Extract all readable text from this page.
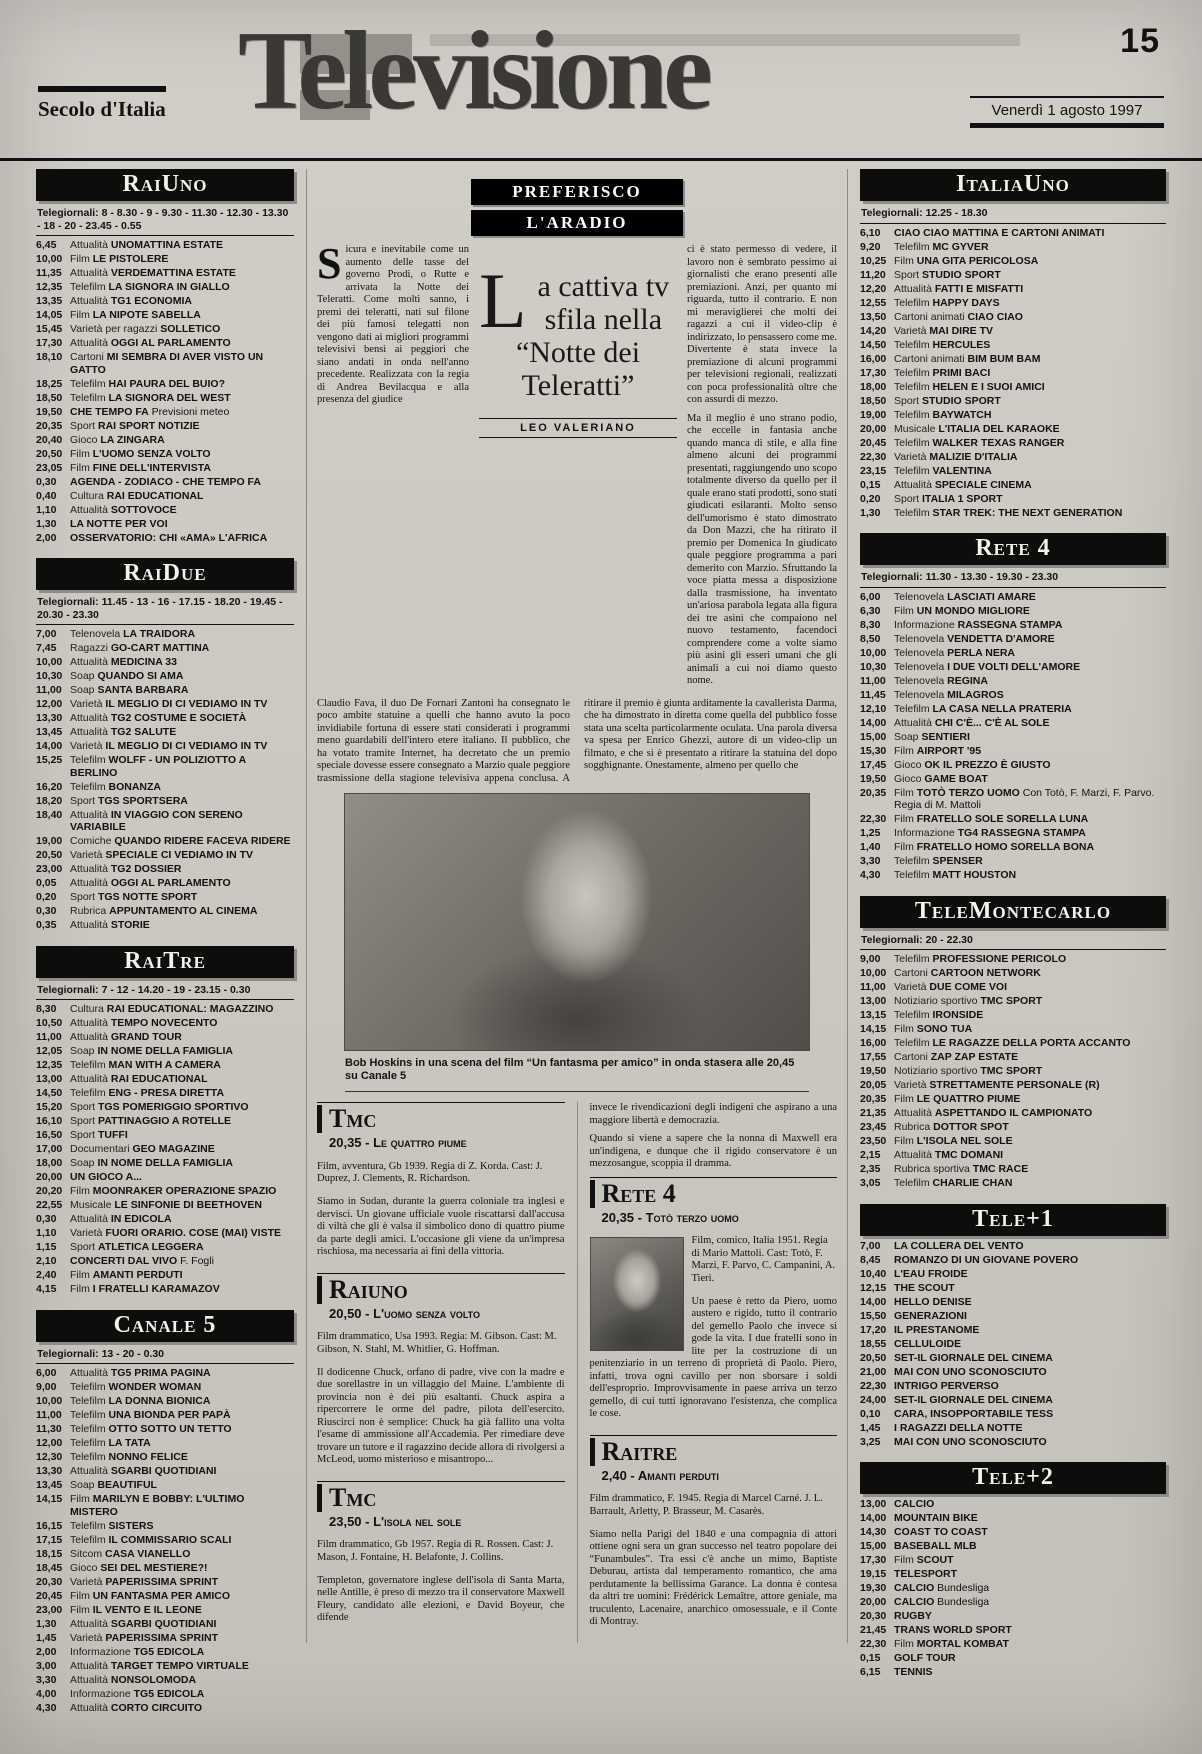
15
Secolo d'Italia Televisione	Venerdì 1 agosto 1997
RaiUno
Telegiornali: 8 - 8.30 - 9 - 9.30 - 11.30 - 12.30 - 13.30 - 18 - 20 - 23.45 - 0.55
6,45	Attualità UNOMATTINA ESTATE
10,00 Film LE PISTOLERE
11,35 Attualità VERDEMATTINA ESTATE
12,35 Telefilm LA SIGNORA IN GIALLO
13,35 Attualità TG1 ECONOMIA
14,05 Film LA NIPOTE SABELLA
15,45 Varietà per ragazzi SOLLETICO
17,30 Attualità OGGI AL PARLAMENTO
18,10 Cartoni MI SEMBRA DI AVER VISTO UN GATTO
18,25 Telefilm HAI PAURA DEL BUIO?
18,50 Telefilm LA SIGNORA DEL WEST
19,50 CHE TEMPO FA Previsioni meteo
20,35 Sport RAI SPORT NOTIZIE
20,40 Gioco LA ZINGARA
20,50 Film L'UOMO SENZA VOLTO
23,05 Film FINE DELL'INTERVISTA
0,30	AGENDA - ZODIACO - CHE TEMPO FA
0,40	Cultura RAI EDUCATIONAL
1,10	Attualità SOTTOVOCE
1,30	LA NOTTE PER VOI
2,00	OSSERVATORIO: CHI «AMA» L'AFRICA
RaiDue
Telegiornali: 11.45 - 13 - 16 - 17.15 - 18.20 - 19.45 - 20.30 - 23.30
7,00	Telenovela LA TRAIDORA
7,45	Ragazzi GO-CART MATTINA
10,00 Attualità MEDICINA 33
10,30 Soap QUANDO SI AMA
11,00 Soap SANTA BARBARA
12,00 Varietà IL MEGLIO DI CI VEDIAMO IN TV
13,30 Attualità TG2 COSTUME E SOCIETÀ
13,45 Attualità TG2 SALUTE
14,00 Varietà IL MEGLIO DI CI VEDIAMO IN TV
15,25 Telefilm WOLFF - UN POLIZIOTTO A BERLINO
16,20 Telefilm BONANZA
18,20 Sport TGS SPORTSERA
18,40 Attualità IN VIAGGIO CON SERENO VARIABILE
19,00 Comiche QUANDO RIDERE FACEVA RIDERE
20,50 Varietà SPECIALE CI VEDIAMO IN TV
23,00 Attualità TG2 DOSSIER
0,05	Attualità OGGI AL PARLAMENTO
0,20	Sport TGS NOTTE SPORT
0,30	Rubrica APPUNTAMENTO AL CINEMA
0,35	Attualità STORIE
RaiTre
Telegiornali: 7 - 12 - 14.20 - 19 - 23.15 - 0.30
8,30	Cultura RAI EDUCATIONAL: MAGAZZINO
10,50 Attualità TEMPO NOVECENTO
11,00 Attualità GRAND TOUR
12,05 Soap IN NOME DELLA FAMIGLIA
12,35 Telefilm MAN WITH A CAMERA
13,00 Attualità RAI EDUCATIONAL
14,50 Telefilm ENG - PRESA DIRETTA
15,20 Sport TGS POMERIGGIO SPORTIVO
16,10 Sport PATTINAGGIO A ROTELLE
16,50 Sport TUFFI
17,00 Documentari GEO MAGAZINE
18,00 Soap IN NOME DELLA FAMIGLIA
20,00 UN GIOCO A...
20,20 Film MOONRAKER OPERAZIONE SPAZIO
22,55 Musicale LE SINFONIE DI BEETHOVEN
0,30	Attualità IN EDICOLA
1,10	Varietà FUORI ORARIO. COSE (MAI) VISTE
1,15	Sport ATLETICA LEGGERA
2,10	CONCERTI DAL VIVO F. Fogli
2,40	Film AMANTI PERDUTI
4,15	Film I FRATELLI KARAMAZOV
Canale 5
Telegiornali: 13 - 20 - 0.30
6,00	Attualità TG5 PRIMA PAGINA
9,00	Telefilm WONDER WOMAN
10,00 Telefilm LA DONNA BIONICA
11,00 Telefilm UNA BIONDA PER PAPÀ
11,30 Telefilm OTTO SOTTO UN TETTO
12,00 Telefilm LA TATA
12,30 Telefilm NONNO FELICE
13,30 Attualità SGARBI QUOTIDIANI
13,45 Soap BEAUTIFUL
14,15 Film MARILYN E BOBBY: L'ULTIMO MISTERO
16,15 Telefilm SISTERS
17,15 Telefilm IL COMMISSARIO SCALI
18,15 Sitcom CASA VIANELLO
18,45 Gioco SEI DEL MESTIERE?!
20,30 Varietà PAPERISSIMA SPRINT
20,45 Film UN FANTASMA PER AMICO
23,00 Film IL VENTO E IL LEONE
1,30	Attualità SGARBI QUOTIDIANI
1,45	Varietà PAPERISSIMA SPRINT
2,00	Informazione TG5 EDICOLA
3,00	Attualità TARGET TEMPO VIRTUALE
3,30	Attualità NONSOLOMODA
4,00	Informazione TG5 EDICOLA
4,30	Attualità CORTO CIRCUITO
PREFERISCO
L'ARADIO

Sicura e inevitabile come un aumento delle tasse del governo Prodi, o Rutte e arrivata la Notte dei Teleratti. Come molti sanno, i premi dei teleratti, nati sul filone dei più famosi telegatti non vengono dati ai migliori programmi televisivi bensì ai peggiori che siano andati in onda nell'anno precedente. Realizzata con la regia di Andrea Bevilacqua e alla presenza del giudice

La cattiva tv sfila nella “Notte dei Teleratti”
LEO VALERIANO

ci è stato permesso di vedere, il lavoro non è sembrato pessimo ai giornalisti che erano presenti alle premiazioni. Anzi, per quanto mi riguarda, tutto il contrario. E non mi meraviglierei che molti dei ragazzi a cui il video-clip è indirizzato, lo pensassero come me. Divertente è stata invece la premiazione di alcuni programmi per televisioni regionali, realizzati con poca professionalità oltre che con assurdi di mezzo.

Ma il meglio è uno strano podio, che eccelle in fantasia anche quando manca di stile, e alla fine almeno alcuni dei programmi presentati, raggiungendo uno scopo totalmente diverso da quello per il quale erano stati prodotti, sono stati giudicati esilaranti. Molto senso dell'umorismo è stato dimostrato da Don Mazzi, che ha ritirato il premio per Domenica In giudicato quale peggiore programma a pari demerito con Marzio. Sfruttando la voce piatta messa a disposizione dalla trasmissione, ha inventato un'ariosa parabola legata alla figura dei tre asini che compaiono nel nuovo testamento, facendoci comprendere come a volte siamo più asini gli esseri umani che gli animali a cui noi diamo questo nome.

Claudio Fava, il duo De Fornari Zantoni ha consegnato le poco ambite statuine a quelli che hanno avuto la poco invidiabile fortuna di essere stati considerati i programmi meno guardabili dell'intero etere italiano. Il pubblico, che ha votato tramite Internet, ha decretato che un premio speciale dovesse essere consegnato a Marzio quale peggiore trasmissione della stagione televisiva appena conclusa. A ritirare il premio è giunta arditamente la cavallerista Darma, che ha dimostrato in diretta come quella del pubblico fosse stata una scelta particolarmente oculata. Una parola diversa va spesa per Enrico Ghezzi, autore di un video-clip un filmato, e che si è presentato a ritirare la statuina del dopo sogghignante. Onestamente, almeno per quello che
Bob Hoskins in una scena del film “Un fantasma per amico” in onda stasera alle 20,45 su Canale 5
Tmc
20,35 - Le quattro piume

Film, avventura, Gb 1939. Regia di Z. Korda. Cast: J. Duprez, J. Clements, R. Richardson.

Siamo in Sudan, durante la guerra coloniale tra inglesi e dervisci. Un giovane ufficiale vuole riscattarsi dall'accusa di viltà che gli è valsa il simbolico dono di quattro piume da parte degli amici. L'occasione gli viene da un'impresa rischiosa, ma necessaria ai fini della vittoria.

Raiuno
20,50 - L'uomo senza volto

Film drammatico, Usa 1993. Regia: M. Gibson. Cast: M. Gibson, N. Stahl, M. Whitlier, G. Hoffman.

Il dodicenne Chuck, orfano di padre, vive con la madre e due sorellastre in un villaggio del Maine. L'ambiente di provincia non è dei più esaltanti. Chuck aspira a ripercorrere le orme del padre, pilota dell'esercito. Riuscirci non è semplice: Chuck ha già fallito una volta l'esame di ammissione all'Accademia. Per rimediare deve trovare un tutore e il ragazzino decide allora di rivolgersi a McLeod, uomo misterioso e misantropo...

Tmc
23,50 - L'isola nel sole

Film drammatico, Gb 1957. Regia di R. Rossen. Cast: J. Mason, J. Fontaine, H. Belafonte, J. Collins.

Templeton, governatore inglese dell'isola di Santa Marta, nelle Antille, è preso di mezzo tra il conservatore Maxwell Fleury, candidato alle elezioni, e David Boyeur, che difende

invece le rivendicazioni degli indigeni che aspirano a una maggiore libertà e democrazia.

Quando si viene a sapere che la nonna di Maxwell era un'indigena, e dunque che il rigido conservatore è un mezzosangue, scoppia il dramma.

Rete 4
20,35 - Totò terzo uomo

Film, comico, Italia 1951. Regia di Mario Mattoli. Cast: Totò, F. Marzi, F. Parvo, C. Campanini, A. Tieri.

Un paese è retto da Piero, uomo austero e rigido, tutto il contrario del gemello Paolo che invece si gode la vita. I due fratelli sono in lite per la costruzione di un penitenziario in un terreno di proprietà di Paolo. Piero, infatti, trova ogni cavillo per non sborsare i soldi dell'esproprio. Improvvisamente in paese arriva un terzo gemello, di cui tutti ignoravano l'esistenza, che complica le cose.

Raitre
2,40 - Amanti perduti

Film drammatico, F. 1945. Regia di Marcel Carné. J. L. Barrault, Arletty, P. Brasseur, M. Casarès.

Siamo nella Parigi del 1840 e una compagnia di attori ottiene ogni sera un gran successo nel teatro popolare dei “Funambules”. Tra essi c'è anche un mimo, Baptiste Deburau, artista dal temperamento romantico, che ama perdutamente la bellissima Garance. La donna è contesa da altri tre uomini: Frédérick Lemaître, attore geniale, ma truculento, Lacenaire, anarchico omosessuale, e il Conte di Montray.

ItaliaUno
Telegiornali: 12.25 - 18.30
6,10	CIAO CIAO MATTINA E CARTONI ANIMATI
9,20	Telefilm MC GYVER
10,25 Film UNA GITA PERICOLOSA
11,20 Sport STUDIO SPORT
12,20 Attualità FATTI E MISFATTI
12,55 Telefilm HAPPY DAYS
13,50 Cartoni animati CIAO CIAO
14,20 Varietà MAI DIRE TV
14,50 Telefilm HERCULES
16,00 Cartoni animati BIM BUM BAM
17,30 Telefilm PRIMI BACI
18,00 Telefilm HELEN E I SUOI AMICI
18,50 Sport STUDIO SPORT
19,00 Telefilm BAYWATCH
20,00 Musicale L'ITALIA DEL KARAOKE
20,45 Telefilm WALKER TEXAS RANGER
22,30 Varietà MALIZIE D'ITALIA
23,15 Telefilm VALENTINA
0,15	Attualità SPECIALE CINEMA
0,20	Sport ITALIA 1 SPORT
1,30	Telefilm STAR TREK: THE NEXT GENERATION
Rete 4
Telegiornali: 11.30 - 13.30 - 19.30 - 23.30
6,00	Telenovela LASCIATI AMARE
6,30	Film UN MONDO MIGLIORE
8,30	Informazione RASSEGNA STAMPA
8,50	Telenovela VENDETTA D'AMORE
10,00 Telenovela PERLA NERA
10,30 Telenovela I DUE VOLTI DELL'AMORE
11,00 Telenovela REGINA
11,45 Telenovela MILAGROS
12,10 Telefilm LA CASA NELLA PRATERIA
14,00 Attualità CHI C'È... C'È AL SOLE
15,00 Soap SENTIERI
15,30 Film AIRPORT '95
17,45 Gioco OK IL PREZZO È GIUSTO
19,50 Gioco GAME BOAT
20,35 Film TOTÒ TERZO UOMO Con Totò, F. Marzi, F. Parvo. Regia di M. Mattoli
22,30 Film FRATELLO SOLE SORELLA LUNA
1,25	Informazione TG4 RASSEGNA STAMPA
1,40	Film FRATELLO HOMO SORELLA BONA
3,30	Telefilm SPENSER
4,30	Telefilm MATT HOUSTON
TeleMontecarlo
Telegiornali: 20 - 22.30
9,00	Telefilm PROFESSIONE PERICOLO
10,00 Cartoni CARTOON NETWORK
11,00 Varietà DUE COME VOI
13,00 Notiziario sportivo TMC SPORT
13,15 Telefilm IRONSIDE
14,15 Film SONO TUA
16,00 Telefilm LE RAGAZZE DELLA PORTA ACCANTO
17,55 Cartoni ZAP ZAP ESTATE
19,50 Notiziario sportivo TMC SPORT
20,05 Varietà STRETTAMENTE PERSONALE (R)
20,35 Film LE QUATTRO PIUME
21,35 Attualità ASPETTANDO IL CAMPIONATO
23,45 Rubrica DOTTOR SPOT
23,50 Film L'ISOLA NEL SOLE
2,15	Attualità TMC DOMANI
2,35	Rubrica sportiva TMC RACE
3,05	Telefilm CHARLIE CHAN
Tele+1
7,00	LA COLLERA DEL VENTO
8,45	ROMANZO DI UN GIOVANE POVERO
10,40 L'EAU FROIDE
12,15 THE SCOUT
14,00 HELLO DENISE
15,50 GENERAZIONI
17,20 IL PRESTANOME
18,55 CELLULOIDE
20,50 SET-IL GIORNALE DEL CINEMA
21,00 MAI CON UNO SCONOSCIUTO
22,30 INTRIGO PERVERSO
24,00 SET-IL GIORNALE DEL CINEMA
0,10	CARA, INSOPPORTABILE TESS
1,45	I RAGAZZI DELLA NOTTE
3,25	MAI CON UNO SCONOSCIUTO
Tele+2
13,00 CALCIO
14,00 MOUNTAIN BIKE
14,30 COAST TO COAST
15,00 BASEBALL MLB
17,30 Film SCOUT
19,15 TELESPORT
19,30 CALCIO Bundesliga
20,00 CALCIO Bundesliga
20,30 RUGBY
21,45 TRANS WORLD SPORT
22,30 Film MORTAL KOMBAT
0,15	GOLF TOUR
6,15	TENNIS
